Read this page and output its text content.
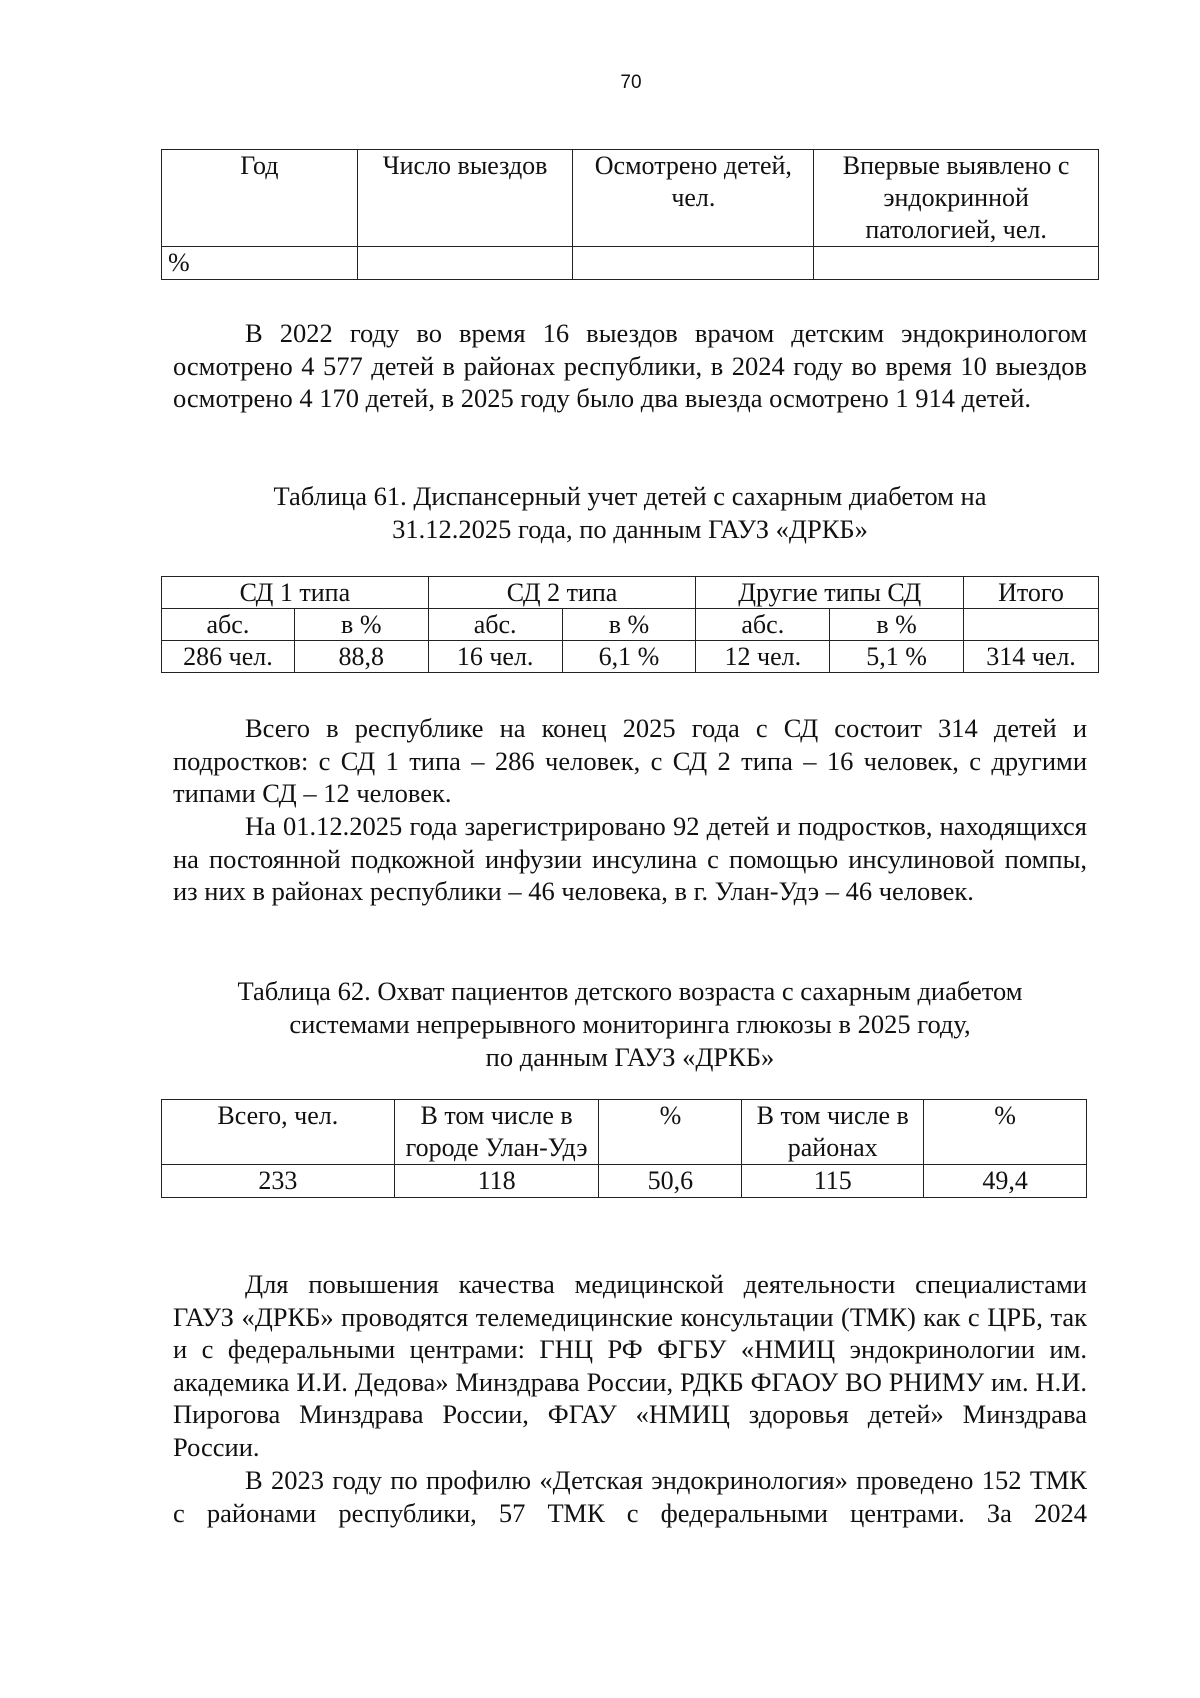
70
Год	Число выездов	Осмотрено детей, чел.	Впервые выявлено с эндокринной патологией, чел.
%			

В 2022 году во время 16 выездов врачом детским эндокринологом осмотрено 4 577 детей в районах республики, в 2024 году во время 10 выездов осмотрено 4 170 детей, в 2025 году было два выезда осмотрено 1 914 детей.

Таблица 61. Диспансерный учет детей с сахарным диабетом на
31.12.2025 года, по данным ГАУЗ «ДРКБ»
СД 1 типа		СД 2 типа		Другие типы СД		Итого
абс.	в %	абс.	в %	абс.	в %	
286 чел.	88,8	16 чел.	6,1 %	12 чел.	5,1 %	314 чел.

Всего в республике на конец 2025 года с СД состоит 314 детей и подростков: с СД 1 типа – 286 человек, с СД 2 типа – 16 человек, с другими типами СД – 12 человек.

На 01.12.2025 года зарегистрировано 92 детей и подростков, находящихся на постоянной подкожной инфузии инсулина с помощью инсулиновой помпы, из них в районах республики – 46 человека, в г. Улан-Удэ – 46 человек.

Таблица 62. Охват пациентов детского возраста с сахарным диабетом
системами непрерывного мониторинга глюкозы в 2025 году,
по данным ГАУЗ «ДРКБ»
Всего, чел.	В том числе в городе Улан-Удэ	%	В том числе в районах	%
233	118	50,6	115	49,4

Для повышения качества медицинской деятельности специалистами ГАУЗ «ДРКБ» проводятся телемедицинские консультации (ТМК) как с ЦРБ, так и с федеральными центрами: ГНЦ РФ ФГБУ «НМИЦ эндокринологии им. академика И.И. Дедова» Минздрава России, РДКБ ФГАОУ ВО РНИМУ им. Н.И. Пирогова Минздрава России, ФГАУ «НМИЦ здоровья детей» Минздрава России.

В 2023 году по профилю «Детская эндокринология» проведено 152 ТМК с районами республики, 57 ТМК с федеральными центрами. За 2024
